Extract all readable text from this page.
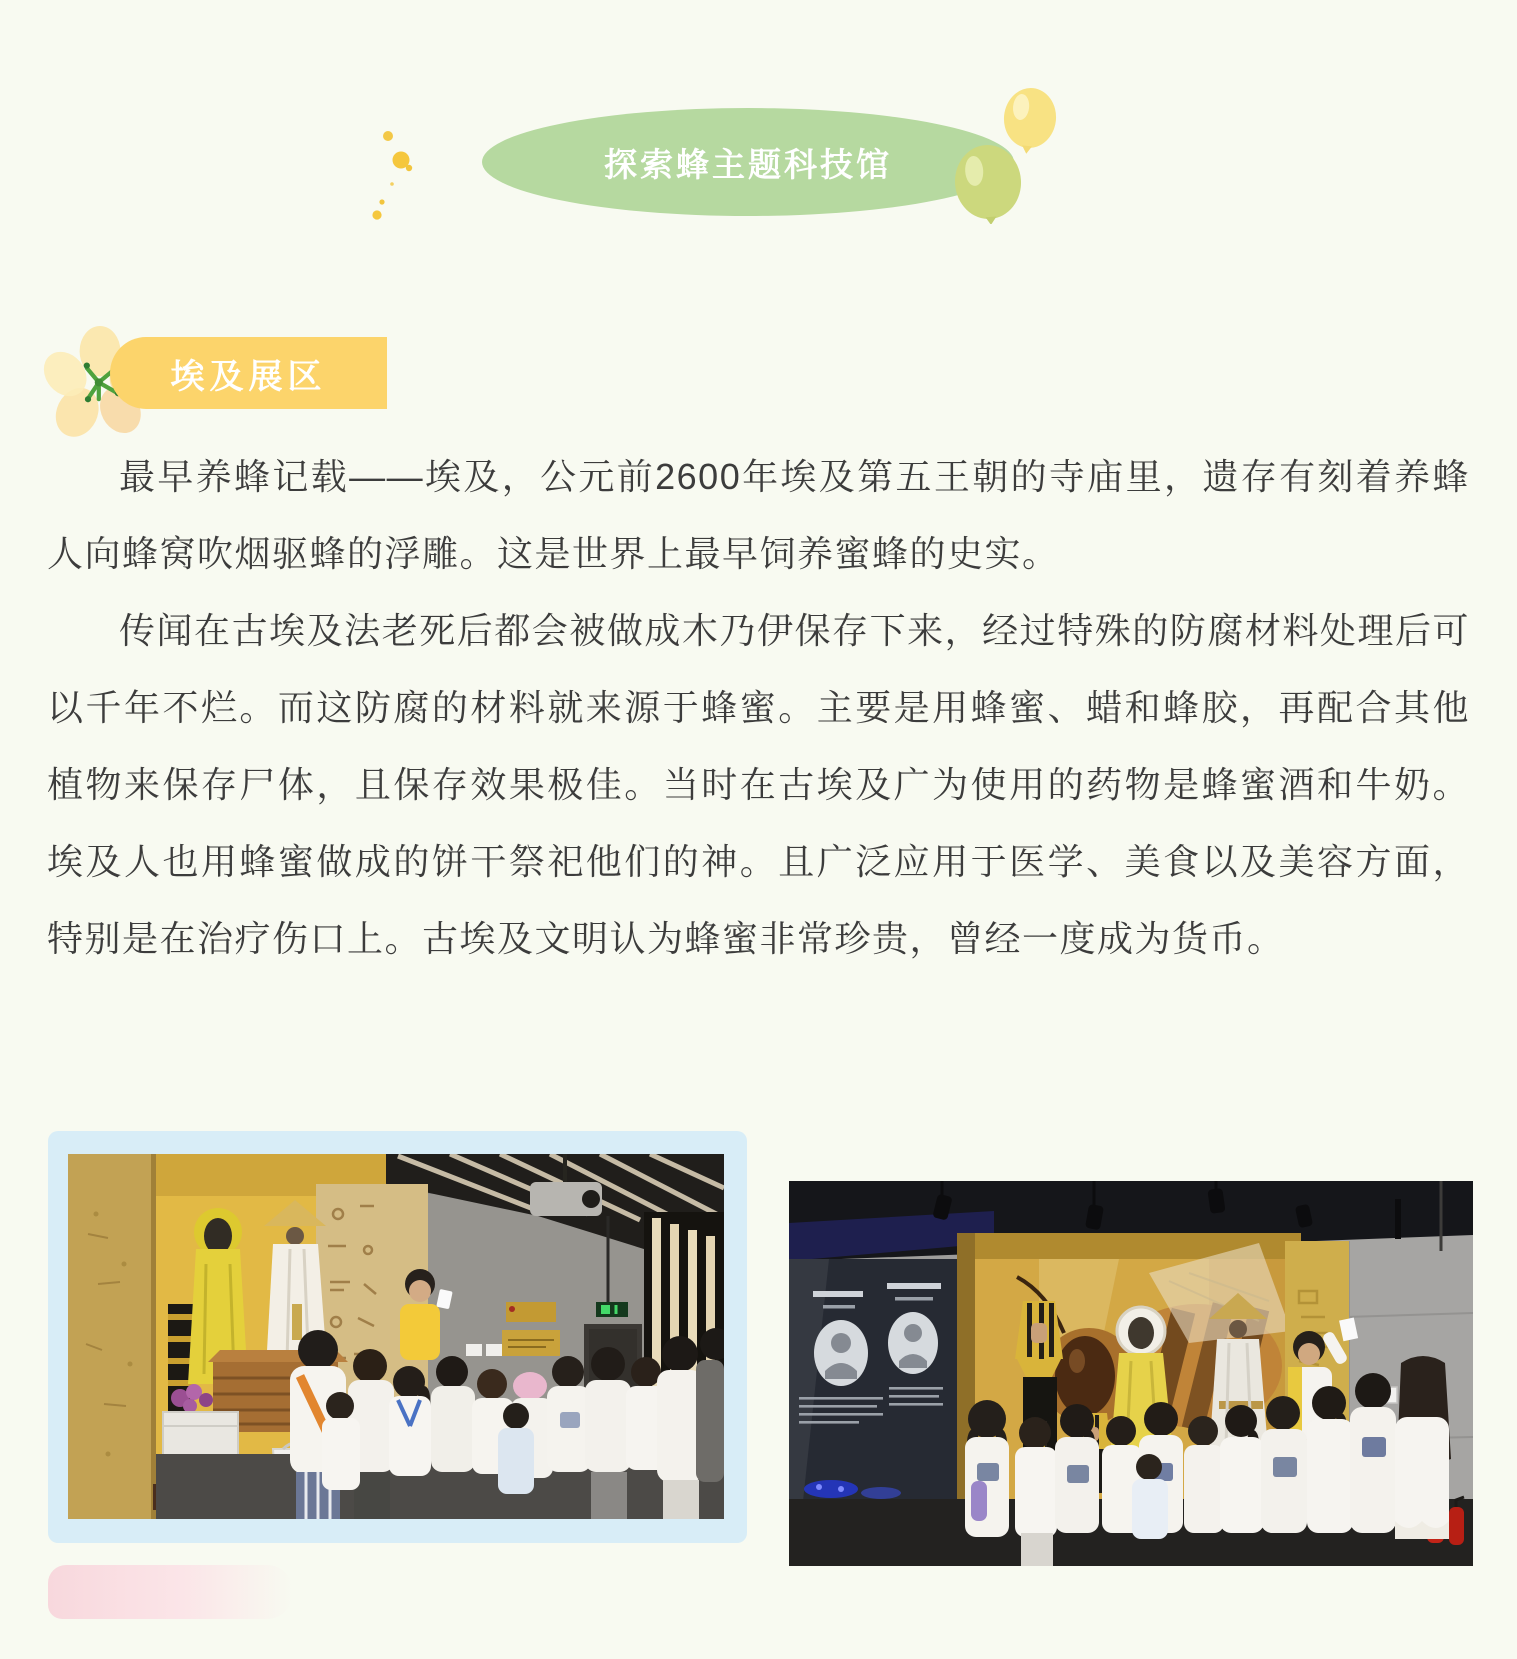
探索蜂主题科技馆
埃及展区

最早养蜂记载——埃及，公元前2600年埃及第五王朝的寺庙里，遗存有刻着养蜂人向蜂窝吹烟驱蜂的浮雕。这是世界上最早饲养蜜蜂的史实。

传闻在古埃及法老死后都会被做成木乃伊保存下来，经过特殊的防腐材料处理后可以千年不烂。而这防腐的材料就来源于蜂蜜。主要是用蜂蜜、蜡和蜂胶，再配合其他植物来保存尸体，且保存效果极佳。当时在古埃及广为使用的药物是蜂蜜酒和牛奶。埃及人也用蜂蜜做成的饼干祭祀他们的神。且广泛应用于医学、美食以及美容方面，特别是在治疗伤口上。古埃及文明认为蜂蜜非常珍贵，曾经一度成为货币。
